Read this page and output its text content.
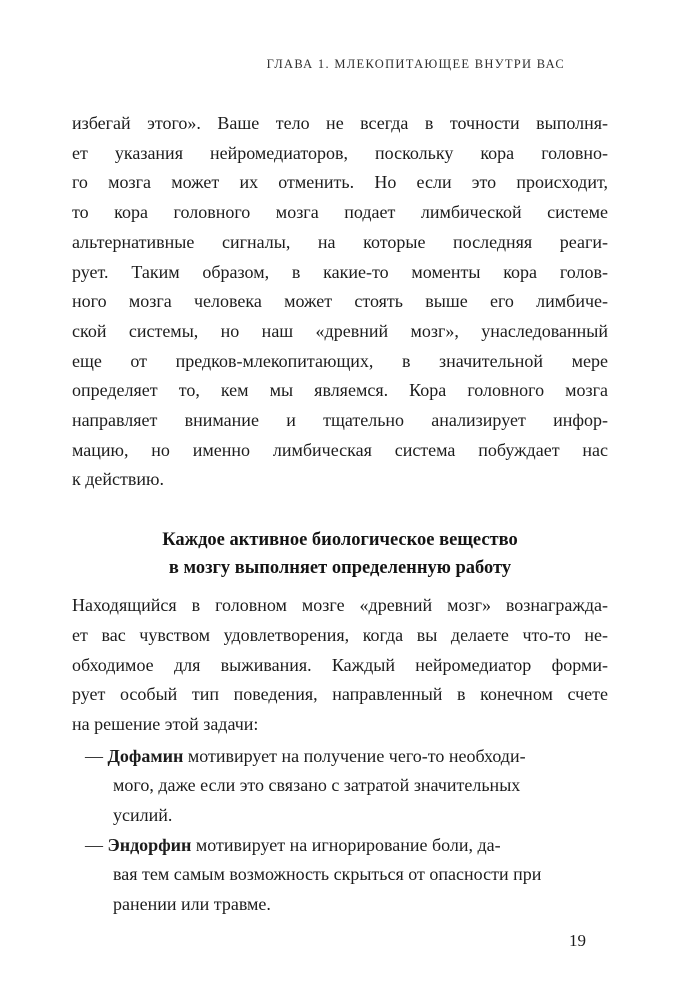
ГЛАВА 1. МЛЕКОПИТАЮЩЕЕ ВНУТРИ ВАС
избегай этого». Ваше тело не всегда в точности выполня-
ет указания нейромедиаторов, поскольку кора головно-
го мозга может их отменить. Но если это происходит,
то кора головного мозга подает лимбической системе
альтернативные сигналы, на которые последняя реаги-
рует. Таким образом, в какие-то моменты кора голов-
ного мозга человека может стоять выше его лимбиче-
ской системы, но наш «древний мозг», унаследованный
еще от предков-млекопитающих, в значительной мере
определяет то, кем мы являемся. Кора головного мозга
направляет внимание и тщательно анализирует инфор-
мацию, но именно лимбическая система побуждает нас
к действию.
Каждое активное биологическое вещество
в мозгу выполняет определенную работу
Находящийся в головном мозге «древний мозг» вознагражда-
ет вас чувством удовлетворения, когда вы делаете что-то не-
обходимое для выживания. Каждый нейромедиатор форми-
рует особый тип поведения, направленный в конечном счете
на решение этой задачи:
— Дофамин мотивирует на получение чего-то необходи-
мого, даже если это связано с затратой значительных
усилий.
— Эндорфин мотивирует на игнорирование боли, да-
вая тем самым возможность скрыться от опасности при
ранении или травме.
19
